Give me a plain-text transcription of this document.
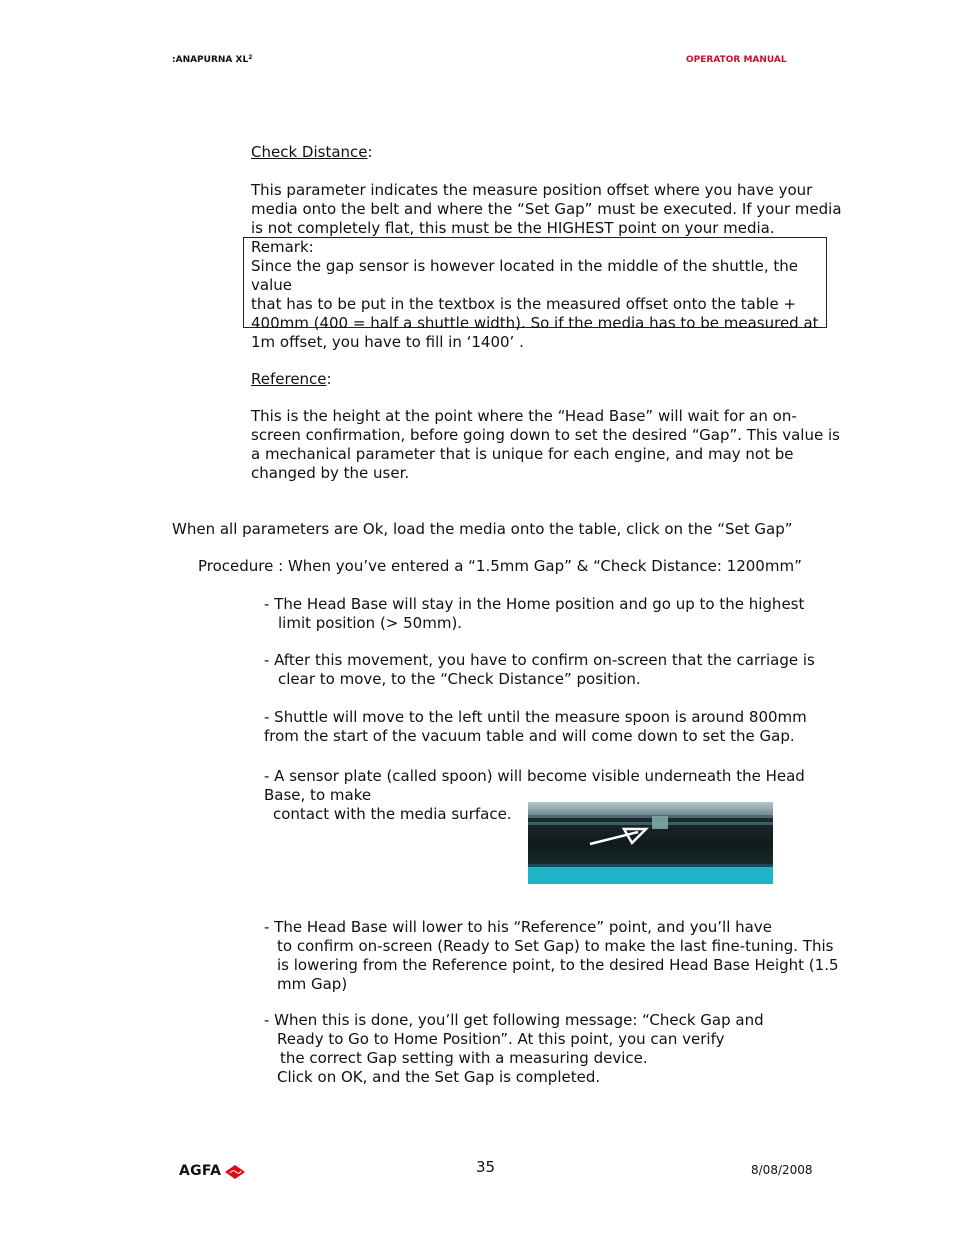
:ANAPURNA $XL^2$	OPERATOR MANUAL
Check Distance:
This parameter indicates the measure position offset where you have your
media onto the belt and where the “Set Gap” must be executed. If your media
is not completely flat, this must be the HIGHEST point on your media.
Remark:
Since the gap sensor is however located in the middle of the shuttle, the value
that has to be put in the textbox is the measured offset onto the table +
400mm (400 = half a shuttle width). So if the media has to be measured at
1m offset, you have to fill in ‘1400’ .
Reference:
This is the height at the point where the “Head Base” will wait for an on-
screen confirmation, before going down to set the desired “Gap”. This value is
a mechanical parameter that is unique for each engine, and may not be
changed by the user.
When all parameters are Ok, load the media onto the table, click on the “Set Gap”
Procedure : When you’ve entered a “1.5mm Gap” & “Check Distance: 1200mm”
- The Head Base will stay in the Home position and go up to the highest
limit position (> 50mm).
- After this movement, you have to confirm on-screen that the carriage is
clear to move, to the “Check Distance” position.
- Shuttle will move to the left until the measure spoon is around 800mm
from the start of the vacuum table and will come down to set the Gap.
- A sensor plate (called spoon) will become visible underneath the Head
Base, to make
contact with the media surface.
- The Head Base will lower to his “Reference” point, and you’ll have
to confirm on-screen (Ready to Set Gap) to make the last fine-tuning. This
is lowering from the Reference point, to the desired Head Base Height (1.5
mm Gap)
- When this is done, you’ll get following message: “Check Gap and
Ready to Go to Home Position”. At this point, you can verify
the correct Gap setting with a measuring device.
Click on OK, and the Set Gap is completed.
AGFA	35	8/08/2008
